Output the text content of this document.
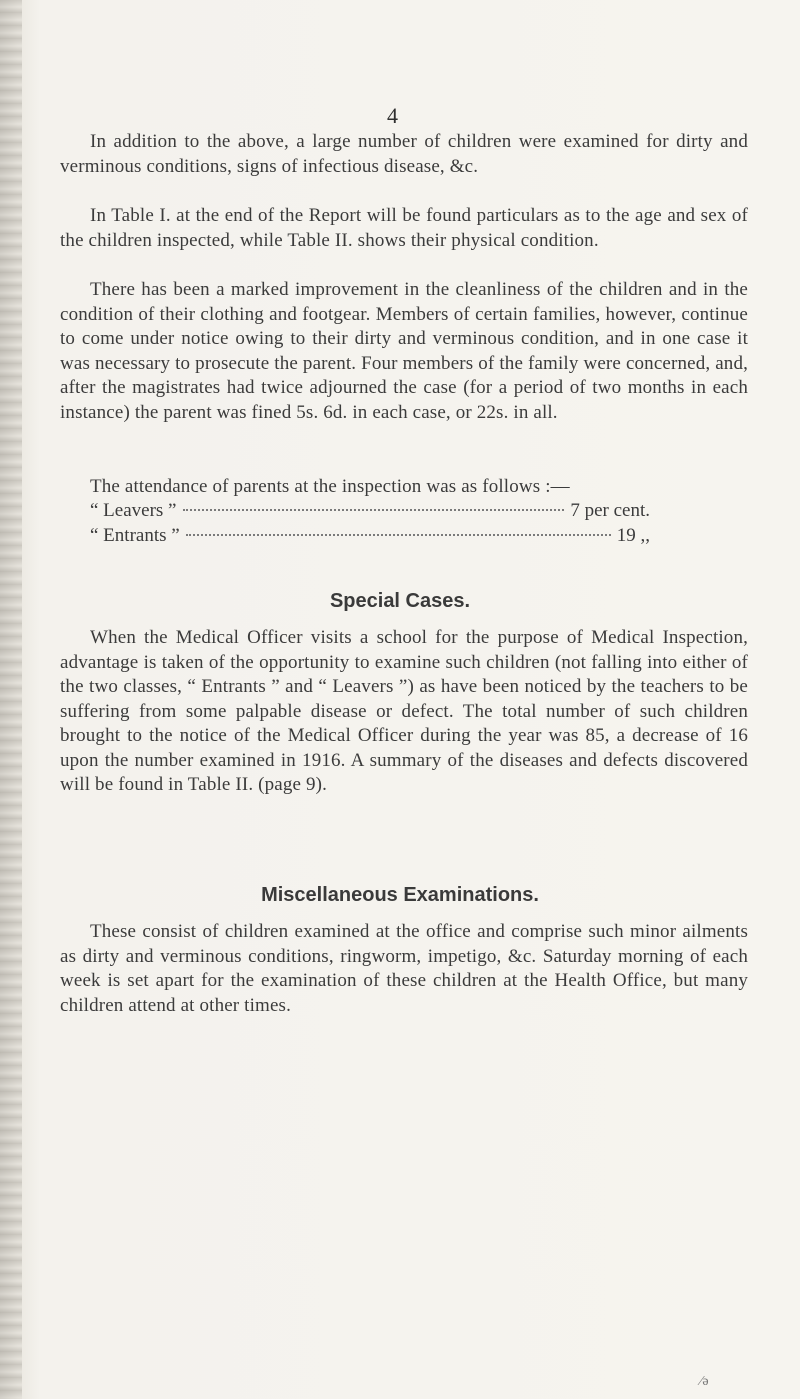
4

In addition to the above, a large number of children were examined for dirty and verminous conditions, signs of infectious disease, &c.

In Table I. at the end of the Report will be found particulars as to the age and sex of the children inspected, while Table II. shows their physical condition.

There has been a marked improvement in the cleanliness of the children and in the condition of their clothing and footgear. Members of certain families, however, continue to come under notice owing to their dirty and verminous condition, and in one case it was necessary to prosecute the parent. Four members of the family were concerned, and, after the magistrates had twice adjourned the case (for a period of two months in each instance) the parent was fined 5s. 6d. in each case, or 22s. in all.

The attendance of parents at the inspection was as follows :—

“ Leavers ”	7 per cent.
“ Entrants ”	19 ,,
Special Cases.

When the Medical Officer visits a school for the purpose of Medical Inspection, advantage is taken of the opportunity to examine such children (not falling into either of the two classes, “ Entrants ” and “ Leavers ”) as have been noticed by the teachers to be suffering from some palpable disease or defect. The total number of such children brought to the notice of the Medical Officer during the year was 85, a decrease of 16 upon the number examined in 1916. A summary of the diseases and defects discovered will be found in Table II. (page 9).

Miscellaneous Examinations.

These consist of children examined at the office and comprise such minor ailments as dirty and verminous conditions, ringworm, impetigo, &c. Saturday morning of each week is set apart for the examination of these children at the Health Office, but many children attend at other times.

⁄ə
